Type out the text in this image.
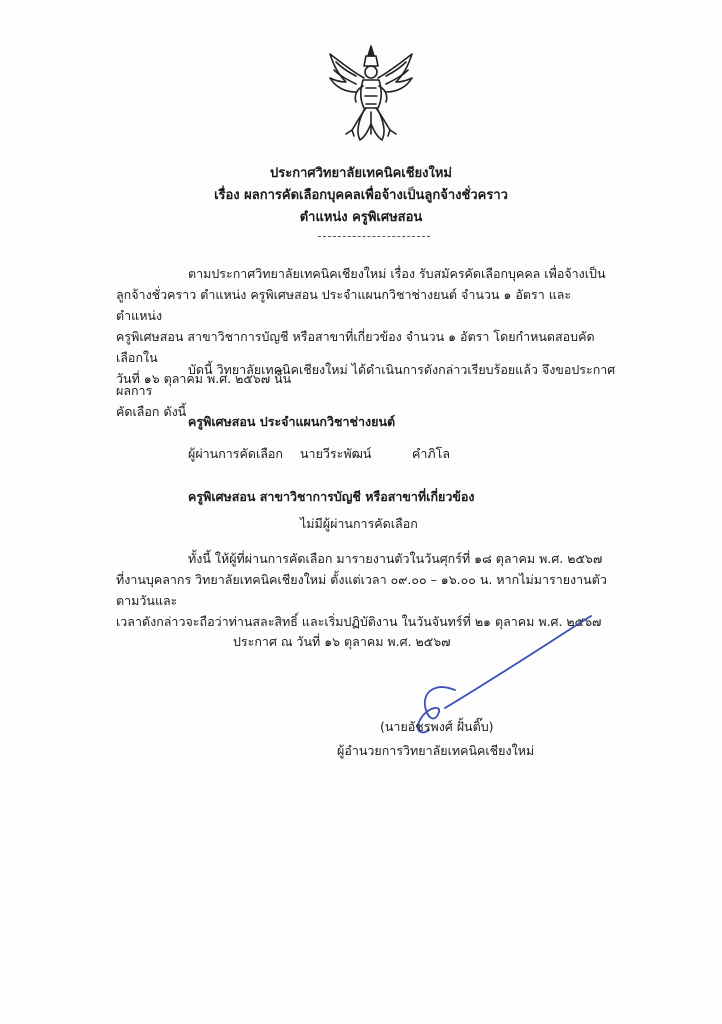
ประกาศวิทยาลัยเทคนิคเชียงใหม่
เรื่อง ผลการคัดเลือกบุคคลเพื่อจ้างเป็นลูกจ้างชั่วคราว
ตำแหน่ง ครูพิเศษสอน
ตามประกาศวิทยาลัยเทคนิคเชียงใหม่ เรื่อง รับสมัครคัดเลือกบุคคล เพื่อจ้างเป็น
ลูกจ้างชั่วคราว ตำแหน่ง ครูพิเศษสอน ประจำแผนกวิชาช่างยนต์ จำนวน ๑ อัตรา และตำแหน่ง
ครูพิเศษสอน สาขาวิชาการบัญชี หรือสาขาที่เกี่ยวข้อง จำนวน ๑ อัตรา โดยกำหนดสอบคัดเลือกใน
วันที่ ๑๖ ตุลาคม พ.ศ. ๒๕๖๗ นั้น
บัดนี้ วิทยาลัยเทคนิคเชียงใหม่ ได้ดำเนินการดังกล่าวเรียบร้อยแล้ว จึงขอประกาศผลการ
คัดเลือก ดังนี้
ครูพิเศษสอน ประจำแผนกวิชาช่างยนต์
ผู้ผ่านการคัดเลือก นายวีระพัฒน์	คำภิโล
ครูพิเศษสอน สาขาวิชาการบัญชี หรือสาขาที่เกี่ยวข้อง
ไม่มีผู้ผ่านการคัดเลือก
ทั้งนี้ ให้ผู้ที่ผ่านการคัดเลือก มารายงานตัวในวันศุกร์ที่ ๑๘ ตุลาคม พ.ศ. ๒๕๖๗
ที่งานบุคลากร วิทยาลัยเทคนิคเชียงใหม่ ตั้งแต่เวลา ๐๙.๐๐ – ๑๖.๐๐ น. หากไม่มารายงานตัวตามวันและ
เวลาดังกล่าวจะถือว่าท่านสละสิทธิ์ และเริ่มปฏิบัติงาน ในวันจันทร์ที่ ๒๑ ตุลาคม พ.ศ. ๒๕๖๗
ประกาศ ณ วันที่ ๑๖ ตุลาคม พ.ศ. ๒๕๖๗
(นายอัชรพงศ์ ฝั้นติ๊บ)
ผู้อำนวยการวิทยาลัยเทคนิคเชียงใหม่
